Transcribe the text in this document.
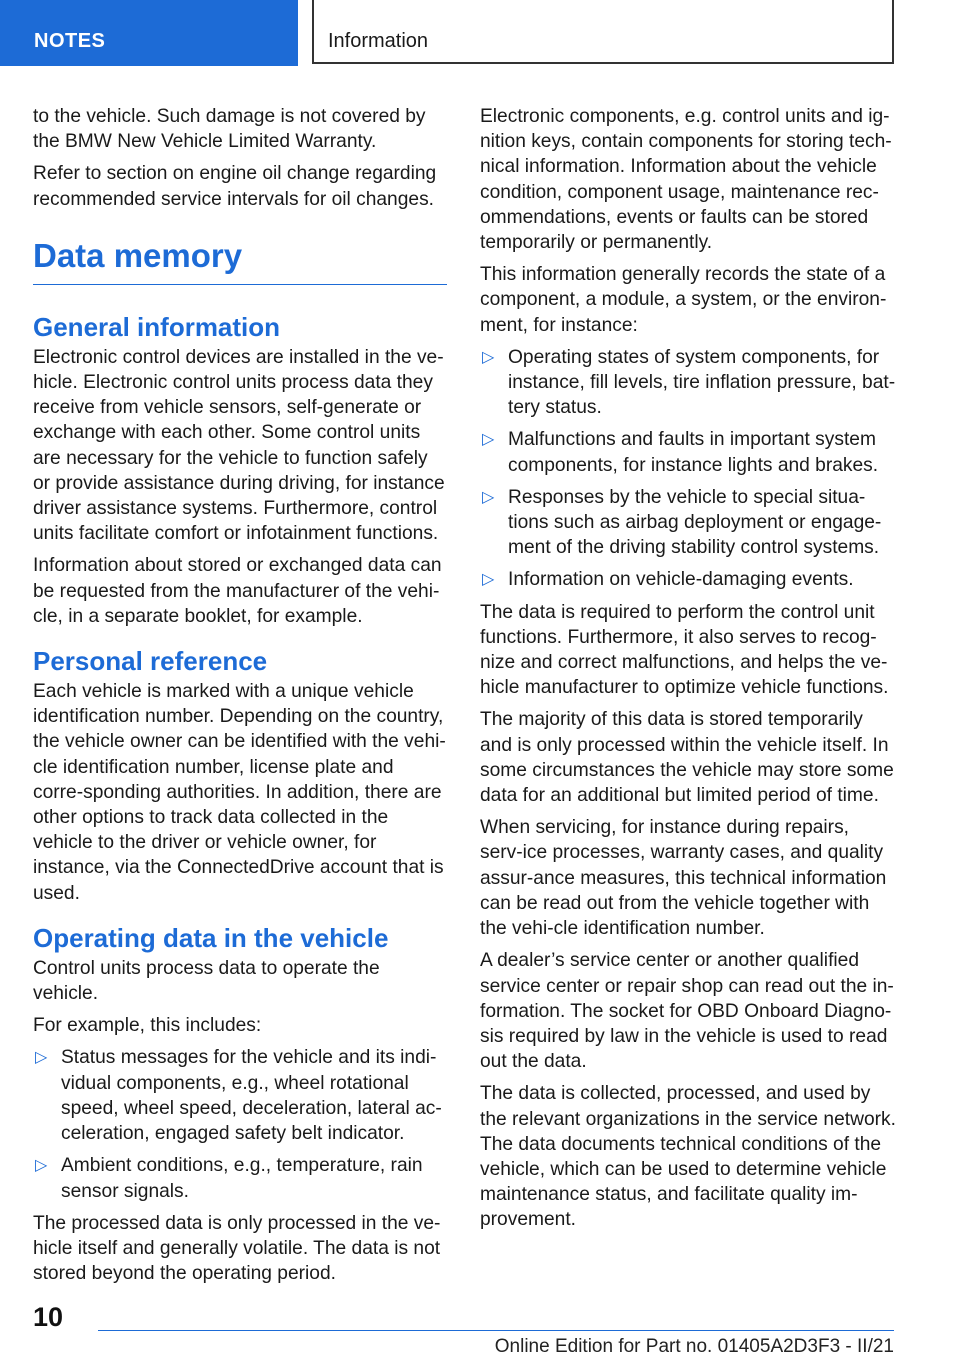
NOTES	Information

to the vehicle. Such damage is not covered by the BMW New Vehicle Limited Warranty.

Refer to section on engine oil change regarding recommended service intervals for oil changes.

Data memory
General information

Electronic control devices are installed in the ve‐hicle. Electronic control units process data they receive from vehicle sensors, self-generate or exchange with each other. Some control units are necessary for the vehicle to function safely or provide assistance during driving, for instance driver assistance systems. Furthermore, control units facilitate comfort or infotainment functions.

Information about stored or exchanged data can be requested from the manufacturer of the vehi‐cle, in a separate booklet, for example.

Personal reference

Each vehicle is marked with a unique vehicle identification number. Depending on the country, the vehicle owner can be identified with the vehi‐cle identification number, license plate and corre‐sponding authorities. In addition, there are other options to track data collected in the vehicle to the driver or vehicle owner, for instance, via the ConnectedDrive account that is used.

Operating data in the vehicle

Control units process data to operate the vehicle.

For example, this includes:

▷ Status messages for the vehicle and its indi‐vidual components, e.g., wheel rotational speed, wheel speed, deceleration, lateral ac‐celeration, engaged safety belt indicator.
▷ Ambient conditions, e.g., temperature, rain sensor signals.

The processed data is only processed in the ve‐hicle itself and generally volatile. The data is not stored beyond the operating period.

Electronic components, e.g. control units and ig‐nition keys, contain components for storing tech‐nical information. Information about the vehicle condition, component usage, maintenance rec‐ommendations, events or faults can be stored temporarily or permanently.

This information generally records the state of a component, a module, a system, or the environ‐ment, for instance:

▷ Operating states of system components, for instance, fill levels, tire inflation pressure, bat‐tery status.
▷ Malfunctions and faults in important system components, for instance lights and brakes.
▷ Responses by the vehicle to special situa‐tions such as airbag deployment or engage‐ment of the driving stability control systems.
▷ Information on vehicle-damaging events.

The data is required to perform the control unit functions. Furthermore, it also serves to recog‐nize and correct malfunctions, and helps the ve‐hicle manufacturer to optimize vehicle functions.

The majority of this data is stored temporarily and is only processed within the vehicle itself. In some circumstances the vehicle may store some data for an additional but limited period of time.

When servicing, for instance during repairs, serv‐ice processes, warranty cases, and quality assur‐ance measures, this technical information can be read out from the vehicle together with the vehi‐cle identification number.

A dealer’s service center or another qualified service center or repair shop can read out the in‐formation. The socket for OBD Onboard Diagno‐sis required by law in the vehicle is used to read out the data.

The data is collected, processed, and used by the relevant organizations in the service network. The data documents technical conditions of the vehicle, which can be used to determine vehicle maintenance status, and facilitate quality im‐provement.

10
Online Edition for Part no. 01405A2D3F3 - II/21
